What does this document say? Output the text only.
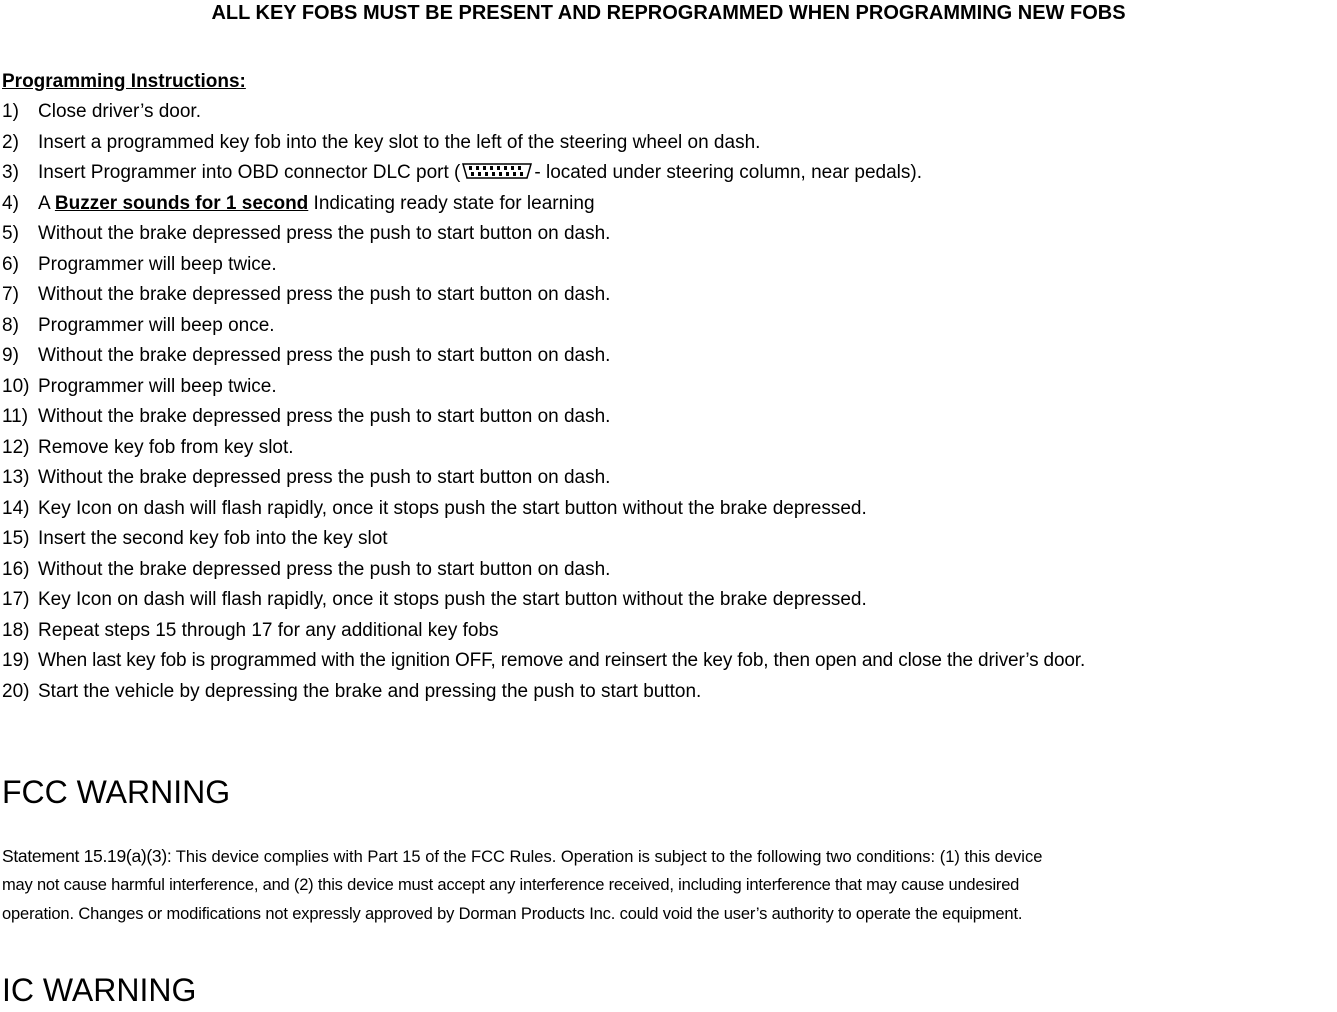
ALL KEY FOBS MUST BE PRESENT AND REPROGRAMMED WHEN PROGRAMMING NEW FOBS
Programming Instructions:
1) Close driver’s door.
2) Insert a programmed key fob into the key slot to the left of the steering wheel on dash.
3) Insert Programmer into OBD connector DLC port (	- located under steering column, near pedals).
4) A Buzzer sounds for 1 second Indicating ready state for learning
5) Without the brake depressed press the push to start button on dash.
6) Programmer will beep twice.
7) Without the brake depressed press the push to start button on dash.
8) Programmer will beep once.
9) Without the brake depressed press the push to start button on dash.
10) Programmer will beep twice.
11) Without the brake depressed press the push to start button on dash.
12) Remove key fob from key slot.
13) Without the brake depressed press the push to start button on dash.
14) Key Icon on dash will flash rapidly, once it stops push the start button without the brake depressed.
15) Insert the second key fob into the key slot
16) Without the brake depressed press the push to start button on dash.
17) Key Icon on dash will flash rapidly, once it stops push the start button without the brake depressed.
18) Repeat steps 15 through 17 for any additional key fobs
19) When last key fob is programmed with the ignition OFF, remove and reinsert the key fob, then open and close the driver’s door.
20) Start the vehicle by depressing the brake and pressing the push to start button.
FCC WARNING
Statement 15.19(a)(3): This device complies with Part 15 of the FCC Rules. Operation is subject to the following two conditions: (1) this device
may not cause harmful interference, and (2) this device must accept any interference received, including interference that may cause undesired
operation. Changes or modifications not expressly approved by Dorman Products Inc. could void the user’s authority to operate the equipment.
IC WARNING
